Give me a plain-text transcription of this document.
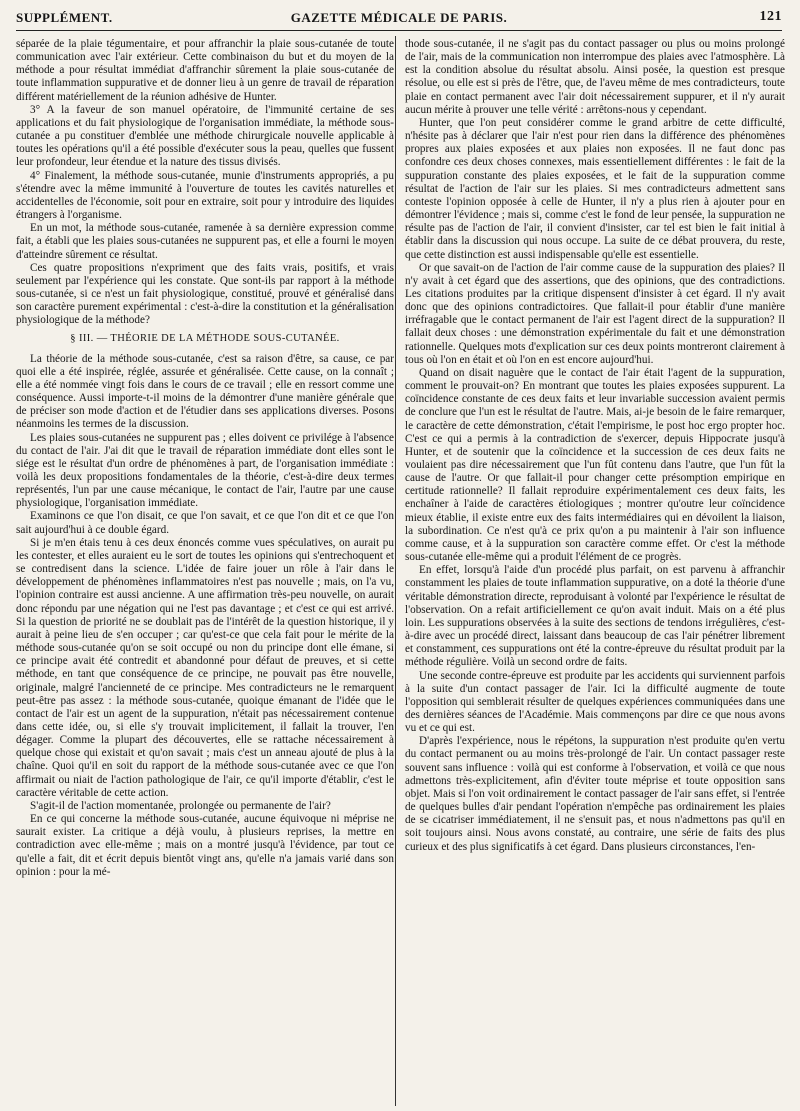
SUPPLÉMENT.	GAZETTE MÉDICALE DE PARIS.	121

séparée de la plaie tégumentaire, et pour affranchir la plaie sous-cutanée de toute communication avec l'air extérieur. Cette combinaison du but et du moyen de la méthode a pour résultat immédiat d'affranchir sûrement la plaie sous-cutanée de toute inflammation suppurative et de donner lieu à un genre de travail de réparation différent matériellement de la réunion adhésive de Hunter.

3° A la faveur de son manuel opératoire, de l'immunité certaine de ses applications et du fait physiologique de l'organisation immédiate, la méthode sous-cutanée a pu constituer d'emblée une méthode chirurgicale nouvelle applicable à toutes les opérations qu'il a été possible d'exécuter sous la peau, quelles que fussent leur profondeur, leur étendue et la nature des tissus divisés.

4° Finalement, la méthode sous-cutanée, munie d'instruments appropriés, a pu s'étendre avec la même immunité à l'ouverture de toutes les cavités naturelles et accidentelles de l'économie, soit pour en extraire, soit pour y introduire des liquides étrangers à l'organisme.

En un mot, la méthode sous-cutanée, ramenée à sa dernière expression comme fait, a établi que les plaies sous-cutanées ne suppurent pas, et elle a fourni le moyen d'atteindre sûrement ce résultat.

Ces quatre propositions n'expriment que des faits vrais, positifs, et vrais seulement par l'expérience qui les constate. Que sont-ils par rapport à la méthode sous-cutanée, si ce n'est un fait physiologique, constitué, prouvé et généralisé dans son caractère purement expérimental : c'est-à-dire la constitution et la généralisation physiologique de la méthode?

§ III. — THÉORIE DE LA MÉTHODE SOUS-CUTANÉE.

La théorie de la méthode sous-cutanée, c'est sa raison d'être, sa cause, ce par quoi elle a été inspirée, réglée, assurée et généralisée. Cette cause, on la connaît ; elle a été nommée vingt fois dans le cours de ce travail ; elle en ressort comme une conséquence. Aussi importe-t-il moins de la démontrer d'une manière générale que de préciser son mode d'action et de l'étudier dans ses applications diverses. Posons néanmoins les termes de la discussion.

Les plaies sous-cutanées ne suppurent pas ; elles doivent ce privilége à l'absence du contact de l'air. J'ai dit que le travail de réparation immédiate dont elles sont le siége est le résultat d'un ordre de phénomènes à part, de l'organisation immédiate : voilà les deux propositions fondamentales de la théorie, c'est-à-dire deux termes représentés, l'un par une cause mécanique, le contact de l'air, l'autre par une cause physiologique, l'organisation immédiate.

Examinons ce que l'on disait, ce que l'on savait, et ce que l'on dit et ce que l'on sait aujourd'hui à ce double égard.

Si je m'en étais tenu à ces deux énoncés comme vues spéculatives, on aurait pu les contester, et elles auraient eu le sort de toutes les opinions qui s'entrechoquent et se contredisent dans la science. L'idée de faire jouer un rôle à l'air dans le développement de phénomènes inflammatoires n'est pas nouvelle ; mais, on l'a vu, l'opinion contraire est aussi ancienne. A une affirmation très-peu nouvelle, on aurait donc répondu par une négation qui ne l'est pas davantage ; et c'est ce qui est arrivé. Si la question de priorité ne se doublait pas de l'intérêt de la question historique, il y aurait à peine lieu de s'en occuper ; car qu'est-ce que cela fait pour le mérite de la méthode sous-cutanée qu'on se soit occupé ou non du principe dont elle émane, si ce principe avait été contredit et abandonné pour défaut de preuves, et si cette méthode, en tant que conséquence de ce principe, ne pouvait pas être nouvelle, originale, malgré l'ancienneté de ce principe. Mes contradicteurs ne le remarquent peut-être pas assez : la méthode sous-cutanée, quoique émanant de l'idée que le contact de l'air est un agent de la suppuration, n'était pas nécessairement contenue dans cette idée, ou, si elle s'y trouvait implicitement, il fallait la trouver, l'en dégager. Comme la plupart des découvertes, elle se rattache nécessairement à quelque chose qui existait et qu'on savait ; mais c'est un anneau ajouté de plus à la chaîne. Quoi qu'il en soit du rapport de la méthode sous-cutanée avec ce que l'on affirmait ou niait de l'action pathologique de l'air, ce qu'il importe d'établir, c'est le caractère véritable de cette action.

S'agit-il de l'action momentanée, prolongée ou permanente de l'air?

En ce qui concerne la méthode sous-cutanée, aucune équivoque ni méprise ne saurait exister. La critique a déjà voulu, à plusieurs reprises, la mettre en contradiction avec elle-même ; mais on a montré jusqu'à l'évidence, par tout ce qu'elle a fait, dit et écrit depuis bientôt vingt ans, qu'elle n'a jamais varié dans son opinion : pour la mé-

thode sous-cutanée, il ne s'agit pas du contact passager ou plus ou moins prolongé de l'air, mais de la communication non interrompue des plaies avec l'atmosphère. Là est la condition absolue du résultat absolu. Ainsi posée, la question est presque résolue, ou elle est si près de l'être, que, de l'aveu même de mes contradicteurs, toute plaie en contact permanent avec l'air doit nécessairement suppurer, et il n'y aurait aucun mérite à prouver une telle vérité : arrêtons-nous y cependant.

Hunter, que l'on peut considérer comme le grand arbitre de cette difficulté, n'hésite pas à déclarer que l'air n'est pour rien dans la différence des phénomènes propres aux plaies exposées et aux plaies non exposées. Il ne faut donc pas confondre ces deux choses connexes, mais essentiellement différentes : le fait de la suppuration constante des plaies exposées, et le fait de la suppuration comme résultat de l'action de l'air sur les plaies. Si mes contradicteurs admettent sans conteste l'opinion opposée à celle de Hunter, il n'y a plus rien à ajouter pour en démontrer l'évidence ; mais si, comme c'est le fond de leur pensée, la suppuration ne résulte pas de l'action de l'air, il convient d'insister, car tel est bien le fait initial à établir dans la discussion qui nous occupe. La suite de ce débat prouvera, du reste, que cette distinction est aussi indispensable qu'elle est essentielle.

Or que savait-on de l'action de l'air comme cause de la suppuration des plaies? Il n'y avait à cet égard que des assertions, que des opinions, que des contradictions. Les citations produites par la critique dispensent d'insister à cet égard. Il n'y avait donc que des opinions contradictoires. Que fallait-il pour établir d'une manière irréfragable que le contact permanent de l'air est l'agent direct de la suppuration? Il fallait deux choses : une démonstration expérimentale du fait et une démonstration rationnelle. Quelques mots d'explication sur ces deux points montreront clairement à tous où l'on en était et où l'on en est encore aujourd'hui.

Quand on disait naguère que le contact de l'air était l'agent de la suppuration, comment le prouvait-on? En montrant que toutes les plaies exposées suppurent. La coïncidence constante de ces deux faits et leur invariable succession avaient permis de conclure que l'un est le résultat de l'autre. Mais, ai-je besoin de le faire remarquer, le caractère de cette démonstration, c'était l'empirisme, le post hoc ergo propter hoc. C'est ce qui a permis à la contradiction de s'exercer, depuis Hippocrate jusqu'à Hunter, et de soutenir que la coïncidence et la succession de ces deux faits ne voulaient pas dire nécessairement que l'un fût contenu dans l'autre, que l'un fût la cause de l'autre. Or que fallait-il pour changer cette présomption empirique en certitude rationnelle? Il fallait reproduire expérimentalement ces deux faits, les enchaîner à l'aide de caractères étiologiques ; montrer qu'outre leur coïncidence mieux établie, il existe entre eux des faits intermédiaires qui en dévoilent la liaison, la subordination. Ce n'est qu'à ce prix qu'on a pu maintenir à l'air son influence comme cause, et à la suppuration son caractère comme effet. Or c'est la méthode sous-cutanée elle-même qui a produit l'élément de ce progrès.

En effet, lorsqu'à l'aide d'un procédé plus parfait, on est parvenu à affranchir constamment les plaies de toute inflammation suppurative, on a doté la théorie d'une véritable démonstration directe, reproduisant à volonté par l'expérience le résultat de l'observation. On a refait artificiellement ce qu'on avait induit. Mais on a été plus loin. Les suppurations observées à la suite des sections de tendons irrégulières, c'est-à-dire avec un procédé direct, laissant dans beaucoup de cas l'air pénétrer librement et constamment, ces suppurations ont été la contre-épreuve du résultat produit par la méthode régulière. Voilà un second ordre de faits.

Une seconde contre-épreuve est produite par les accidents qui surviennent parfois à la suite d'un contact passager de l'air. Ici la difficulté augmente de toute l'opposition qui semblerait résulter de quelques expériences communiquées dans une des dernières séances de l'Académie. Mais commençons par dire ce que nous avons vu et ce qui est.

D'après l'expérience, nous le répétons, la suppuration n'est produite qu'en vertu du contact permanent ou au moins très-prolongé de l'air. Un contact passager reste souvent sans influence : voilà qui est conforme à l'observation, et voilà ce que nous admettons très-explicitement, afin d'éviter toute méprise et toute opposition sans objet. Mais si l'on voit ordinairement le contact passager de l'air sans effet, si l'entrée de quelques bulles d'air pendant l'opération n'empêche pas ordinairement les plaies de se cicatriser immédiatement, il ne s'ensuit pas, et nous n'admettons pas qu'il en soit toujours ainsi. Nous avons constaté, au contraire, une série de faits des plus curieux et des plus significatifs à cet égard. Dans plusieurs circonstances, l'en-
